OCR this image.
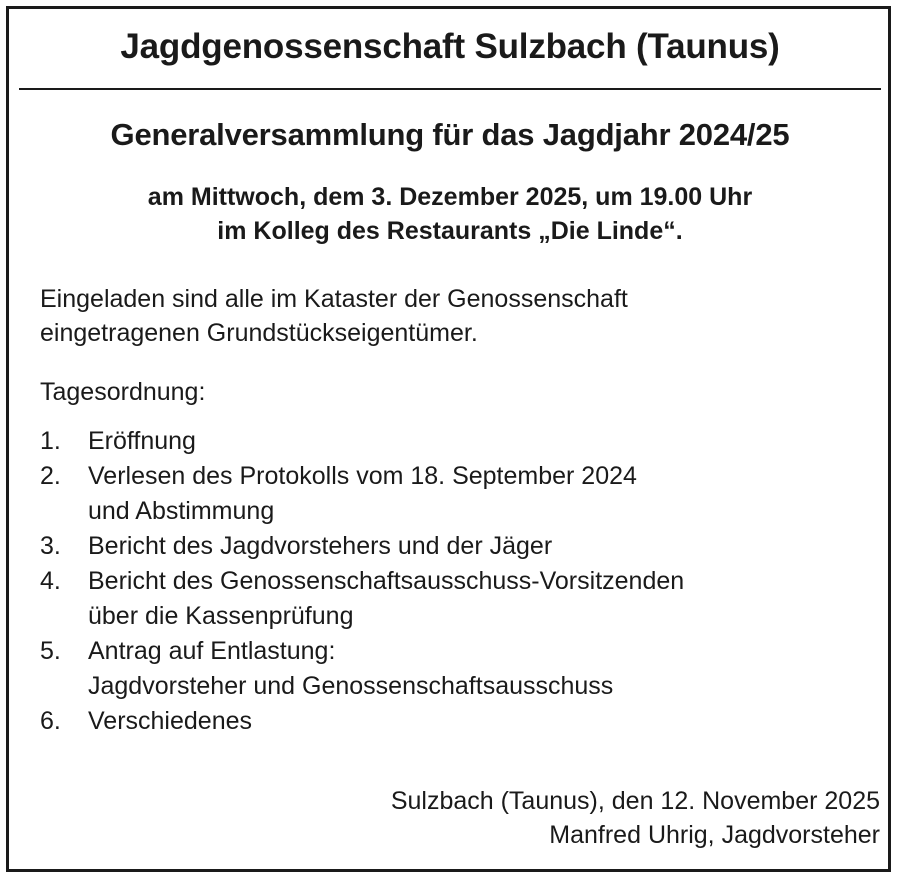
Jagdgenossenschaft Sulzbach (Taunus)
Generalversammlung für das Jagdjahr 2024/25
am Mittwoch, dem 3. Dezember 2025, um 19.00 Uhr
im Kolleg des Restaurants „Die Linde“.
Eingeladen sind alle im Kataster der Genossenschaft
eingetragenen Grundstückseigentümer.
Tagesordnung:
1.	Eröffnung
2.	Verlesen des Protokolls vom 18. September 2024
und Abstimmung
3.	Bericht des Jagdvorstehers und der Jäger
4.	Bericht des Genossenschaftsausschuss-Vorsitzenden
über die Kassenprüfung
5.	Antrag auf Entlastung:
Jagdvorsteher und Genossenschaftsausschuss
6.	Verschiedenes
Sulzbach (Taunus), den 12. November 2025
Manfred Uhrig, Jagdvorsteher
